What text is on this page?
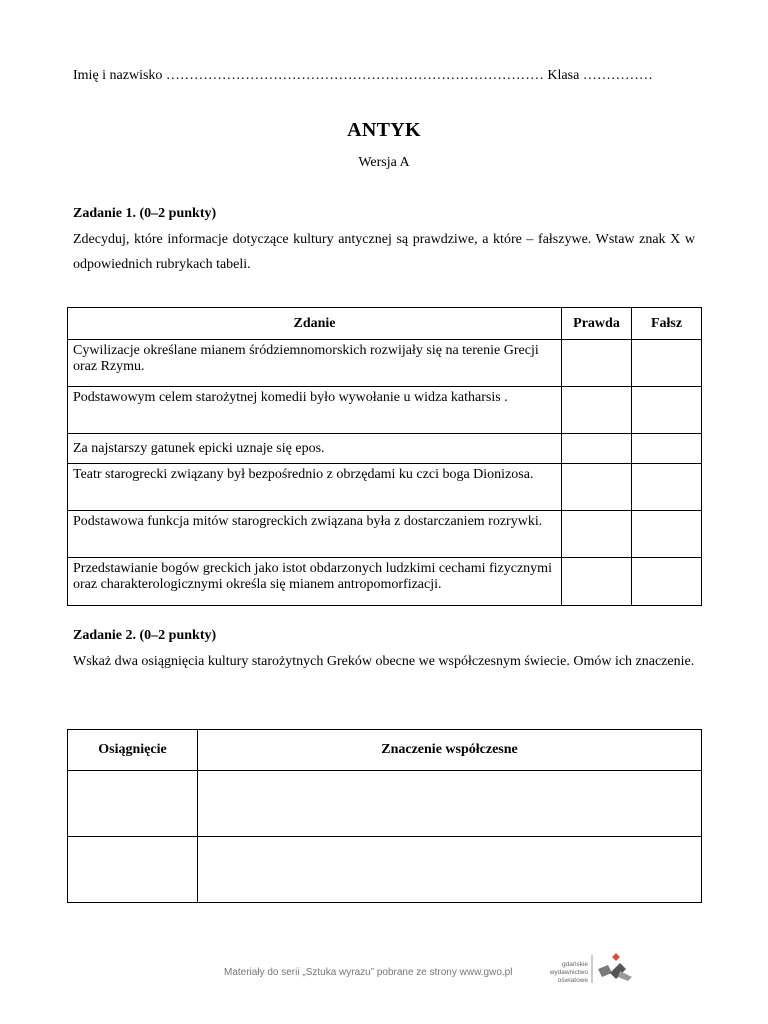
Imię i nazwisko ……………………………………………………………………… Klasa ……………
ANTYK
Wersja A
Zadanie 1. (0–2 punkty)
Zdecyduj, które informacje dotyczące kultury antycznej są prawdziwe, a które – fałszywe. Wstaw znak X w odpowiednich rubrykach tabeli.
Zdanie	Prawda	Fałsz
Cywilizacje określane mianem śródziemnomorskich rozwijały się na terenie Grecji oraz Rzymu.		
Podstawowym celem starożytnej komedii było wywołanie u widza katharsis .		
Za najstarszy gatunek epicki uznaje się epos.		
Teatr starogrecki związany był bezpośrednio z obrzędami ku czci boga Dionizosa.		
Podstawowa funkcja mitów starogreckich związana była z dostarczaniem rozrywki.		
Przedstawianie bogów greckich jako istot obdarzonych ludzkimi cechami fizycznymi oraz charakterologicznymi określa się mianem antropomorfizacji.		
Zadanie 2. (0–2 punkty)
Wskaż dwa osiągnięcia kultury starożytnych Greków obecne we współczesnym świecie. Omów ich znaczenie.
Osiągnięcie	Znaczenie współczesne

Materiały do serii „Sztuka wyrazu” pobrane ze strony www.gwo.pl
gdańskie
wydawnictwo
oświatowe
